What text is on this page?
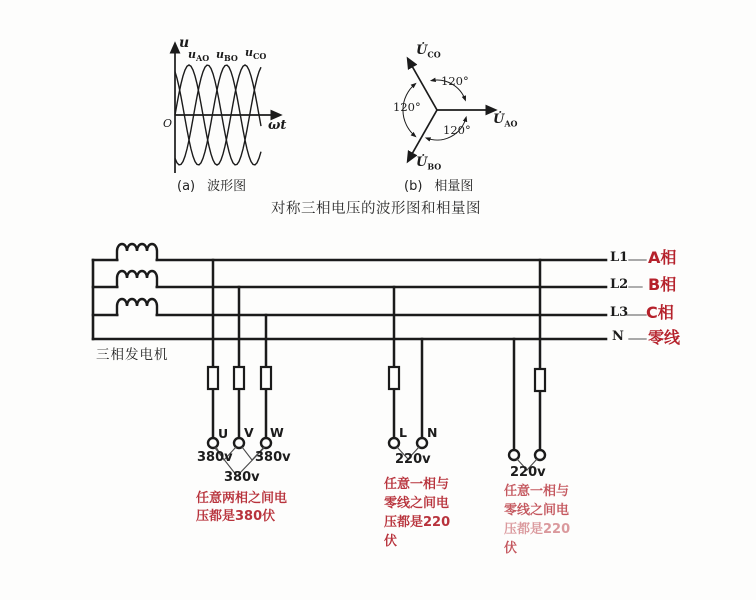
u
$u_{AO}$ $u_{BO}$ $u_{CO}$
O	ωt
(a) 波形图
$U̇_{CO}$
$U̇_{AO}$
$U̇_{BO}$
120°
120°
120°
(b) 相量图
对称三相电压的波形图和相量图
三相发电机
L1
L2
L3
N
A相
B相
C相
零线
U V W	L N
380v 380v
380v
220v
220v
任意两相之间电
压都是380伏
任意一相与
零线之间电
压都是220
伏
任意一相与
零线之间电
压都是220
伏
